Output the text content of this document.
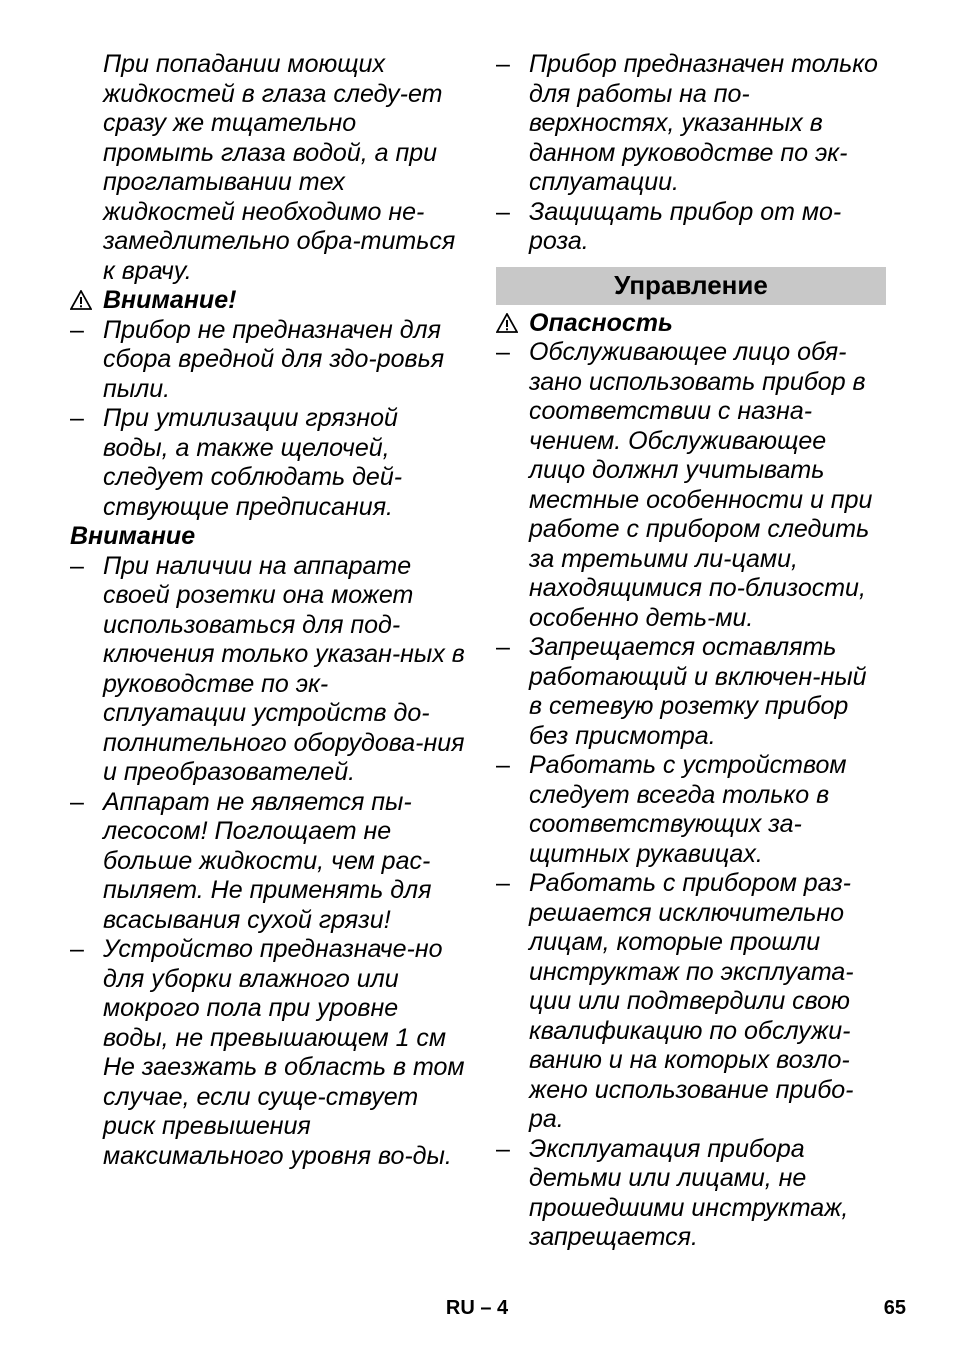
При попадании моющих жидкостей в глаза следу-ет сразу же тщательно промыть глаза водой, а при проглатывании тех жидкостей необходимо не-замедлительно обра-титься к врачу.

Внимание!
– Прибор не предназначен для сбора вредной для здо-ровья пыли.
– При утилизации грязной воды, а также щелочей, следует соблюдать дей-ствующие предписания.
Внимание
– При наличии на аппарате своей розетки она может использоваться для под-ключения только указан-ных в руководстве по эк-сплуатации устройств до-полнительного оборудова-ния и преобразователей.
– Аппарат не является пы-лесосом! Поглощает не больше жидкости, чем рас-пыляет. Не применять для всасывания сухой грязи!
– Устройство предназначе-но для уборки влажного или мокрого пола при уровне воды, не превышающем 1 см Не заезжать в область в том случае, если суще-ствует риск превышения максимального уровня во-ды.
– Прибор предназначен только для работы на по-верхностях, указанных в данном руководстве по эк-сплуатации.
– Защищать прибор от мо-роза.
Управление
Опасность
– Обслуживающее лицо обя-зано использовать прибор в соответствии с назна-чением. Обслуживающее лицо должнл учитывать местные особенности и при работе с прибором следить за третьими ли-цами, находящимися по-близости, особенно деть-ми.
– Запрещается оставлять работающий и включен-ный в сетевую розетку прибор без присмотра.
– Работать с устройством следует всегда только в соответствующих за-щитных рукавицах.
– Работать с прибором раз-решается исключительно лицам, которые прошли инструктаж по эксплуата-ции или подтвердили свою квалификацию по обслужи-ванию и на которых возло-жено использование прибо-ра.
– Эксплуатация прибора детьми или лицами, не прошедшими инструктаж, запрещается.
RU – 4	65
